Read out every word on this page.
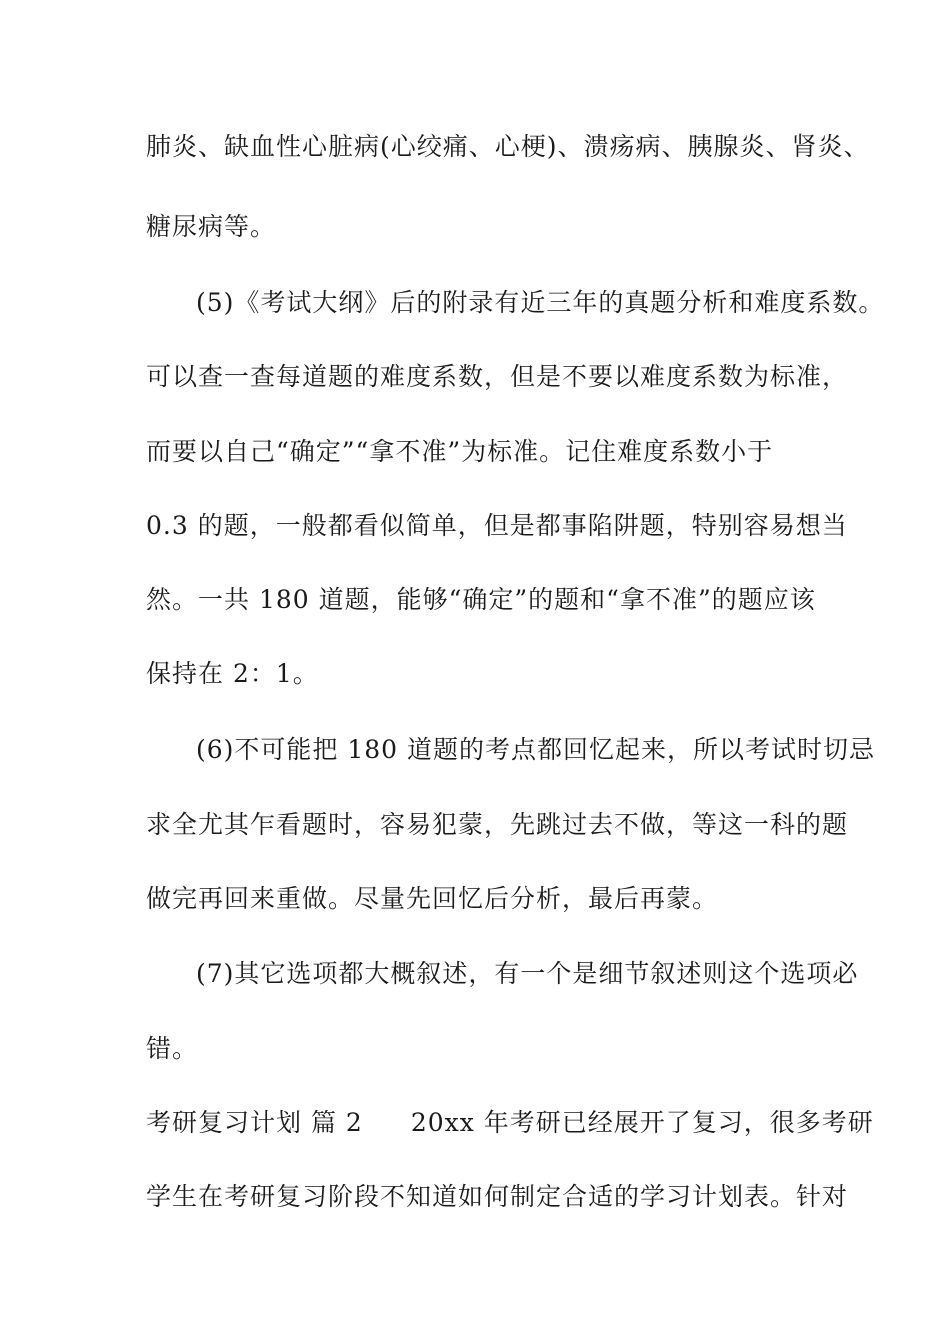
肺炎、缺血性心脏病(心绞痛、心梗)、溃疡病、胰腺炎、肾炎、
糖尿病等。
(5)《考试大纲》后的附录有近三年的真题分析和难度系数。
可以查一查每道题的难度系数，但是不要以难度系数为标准，
而要以自己“确定”“拿不准”为标准。记住难度系数小于
0.3 的题，一般都看似简单，但是都事陷阱题，特别容易想当
然。一共 180 道题，能够“确定”的题和“拿不准”的题应该
保持在 2：1。
(6)不可能把 180 道题的考点都回忆起来，所以考试时切忌
求全尤其乍看题时，容易犯蒙，先跳过去不做，等这一科的题
做完再回来重做。尽量先回忆后分析，最后再蒙。
(7)其它选项都大概叙述，有一个是细节叙述则这个选项必
错。
考研复习计划 篇 2 20xx 年考研已经展开了复习，很多考研
学生在考研复习阶段不知道如何制定合适的学习计划表。针对
